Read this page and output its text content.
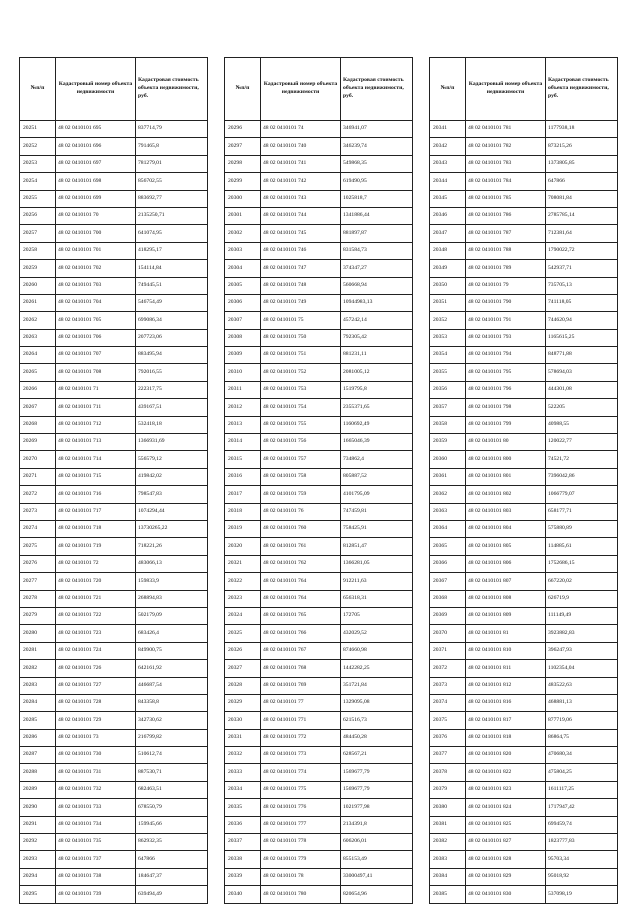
№п/п	Кадастровый номер объекта недвижимости	Кадастровая стоимость объекта недвижимости, руб.
20251	48 02 0410101 695	837714,79
20252	48 02 0410101 696	791465,8
20253	48 02 0410101 697	781279,01
20254	48 02 0410101 698	856702,55
20255	48 02 0410101 699	883692,77
20256	48 02 0410101 70	2135250,71
20257	48 02 0410101 700	641074,95
20258	48 02 0410101 701	418295,17
20259	48 02 0410101 702	154114,84
20260	48 02 0410101 703	749445,51
20261	48 02 0410101 704	546754,49
20262	48 02 0410101 705	699086,34
20263	48 02 0410101 706	207723,06
20264	48 02 0410101 707	883495,94
20265	48 02 0410101 708	792016,55
20266	48 02 0410101 71	222317,75
20267	48 02 0410101 711	439167,51
20268	48 02 0410101 712	532418,18
20269	48 02 0410101 713	1366931,69
20270	48 02 0410101 714	556579,12
20271	48 02 0410101 715	419842,02
20272	48 02 0410101 716	798547,83
20273	48 02 0410101 717	1074294,44
20274	48 02 0410101 718	13730265,22
20275	48 02 0410101 719	718221,26
20276	48 02 0410101 72	483066,13
20277	48 02 0410101 720	159833,9
20278	48 02 0410101 721	268894,83
20279	48 02 0410101 722	502179,09
20280	48 02 0410101 723	683426,4
20281	48 02 0410101 724	849900,75
20282	48 02 0410101 726	642161,92
20283	48 02 0410101 727	446687,54
20284	48 02 0410101 728	843358,8
20285	48 02 0410101 729	342730,62
20286	48 02 0410101 73	216799,82
20287	48 02 0410101 730	510612,74
20288	48 02 0410101 731	887530,71
20289	48 02 0410101 732	682463,51
20290	48 02 0410101 733	678550,79
20291	48 02 0410101 734	159945,66
20292	48 02 0410101 735	862932,35
20293	48 02 0410101 737	647866
20294	48 02 0410101 738	184647,37
20295	48 02 0410101 739	639494,49
№п/п	Кадастровый номер объекта недвижимости	Кадастровая стоимость объекта недвижимости, руб.
20296	48 02 0410101 74	346941,07
20297	48 02 0410101 740	346239,74
20298	48 02 0410101 741	549868,35
20299	48 02 0410101 742	619490,95
20300	48 02 0410101 743	1025818,7
20301	48 02 0410101 744	1341886,44
20302	48 02 0410101 745	881897,87
20303	48 02 0410101 746	831584,73
20304	48 02 0410101 747	374347,27
20305	48 02 0410101 748	560668,94
20306	48 02 0410101 749	10944983,13
20307	48 02 0410101 75	457242,14
20308	48 02 0410101 750	792305,42
20309	48 02 0410101 751	881231,11
20310	48 02 0410101 752	2081005,12
20311	48 02 0410101 753	1519795,8
20312	48 02 0410101 754	2355371,65
20313	48 02 0410101 755	1160692,49
20314	48 02 0410101 756	1665046,39
20315	48 02 0410101 757	734862,4
20316	48 02 0410101 758	805887,52
20317	48 02 0410101 759	4101795,09
20318	48 02 0410101 76	747459,81
20319	48 02 0410101 760	758425,91
20320	48 02 0410101 761	812851,47
20321	48 02 0410101 762	1366281,05
20322	48 02 0410101 764	912211,63
20323	48 02 0410101 764	656318,31
20324	48 02 0410101 765	172705
20325	48 02 0410101 766	432029,52
20326	48 02 0410101 767	874660,98
20327	48 02 0410101 768	1442282,25
20328	48 02 0410101 769	351721,84
20329	48 02 0410101 77	1329095,08
20330	48 02 0410101 771	621516,73
20331	48 02 0410101 772	484450,28
20332	48 02 0410101 773	628567,21
20333	48 02 0410101 774	1569677,79
20334	48 02 0410101 775	1569677,79
20335	48 02 0410101 776	1021977,98
20336	48 02 0410101 777	2134391,8
20337	48 02 0410101 778	606206,01
20338	48 02 0410101 779	855153,49
20339	48 02 0410101 78	33000497,41
20340	48 02 0410101 780	820654,96
№п/п	Кадастровый номер объекта недвижимости	Кадастровая стоимость объекта недвижимости, руб.
20341	48 02 0410101 781	1177938,18
20342	48 02 0410101 782	873215,26
20343	48 02 0410101 783	1373805,85
20344	48 02 0410101 784	647866
20345	48 02 0410101 785	708081,84
20346	48 02 0410101 786	2785785,14
20347	48 02 0410101 787	712381,64
20348	48 02 0410101 788	1790022,72
20349	48 02 0410101 789	542937,71
20350	48 02 0410101 79	735705,13
20351	48 02 0410101 790	741118,05
20352	48 02 0410101 791	744620,94
20353	48 02 0410101 793	1165615,25
20354	48 02 0410101 794	848771,88
20355	48 02 0410101 795	578694,03
20356	48 02 0410101 796	444301,08
20357	48 02 0410101 798	522205
20358	48 02 0410101 799	40988,55
20359	48 02 0410101 80	120022,77
20360	48 02 0410101 800	74521,72
20361	48 02 0410101 801	7396042,86
20362	48 02 0410101 802	1066779,07
20363	48 02 0410101 803	658177,71
20364	48 02 0410101 804	575880,89
20365	48 02 0410101 805	114885,61
20366	48 02 0410101 806	1752686,15
20367	48 02 0410101 807	667220,02
20368	48 02 0410101 808	626719,9
20369	48 02 0410101 809	111149,49
20370	48 02 0410101 81	3923882,83
20371	48 02 0410101 810	396247,93
20372	48 02 0410101 811	1102354,04
20373	48 02 0410101 812	483522,63
20374	48 02 0410101 816	468881,13
20375	48 02 0410101 817	877719,06
20376	48 02 0410101 818	86864,75
20377	48 02 0410101 820	470680,34
20378	48 02 0410101 822	475804,25
20379	48 02 0410101 823	1611117,25
20380	48 02 0410101 824	1717947,42
20381	48 02 0410101 825	699459,74
20382	48 02 0410101 827	1823777,83
20383	48 02 0410101 828	95703,34
20384	48 02 0410101 829	95018,92
20385	48 02 0410101 830	537098,19
